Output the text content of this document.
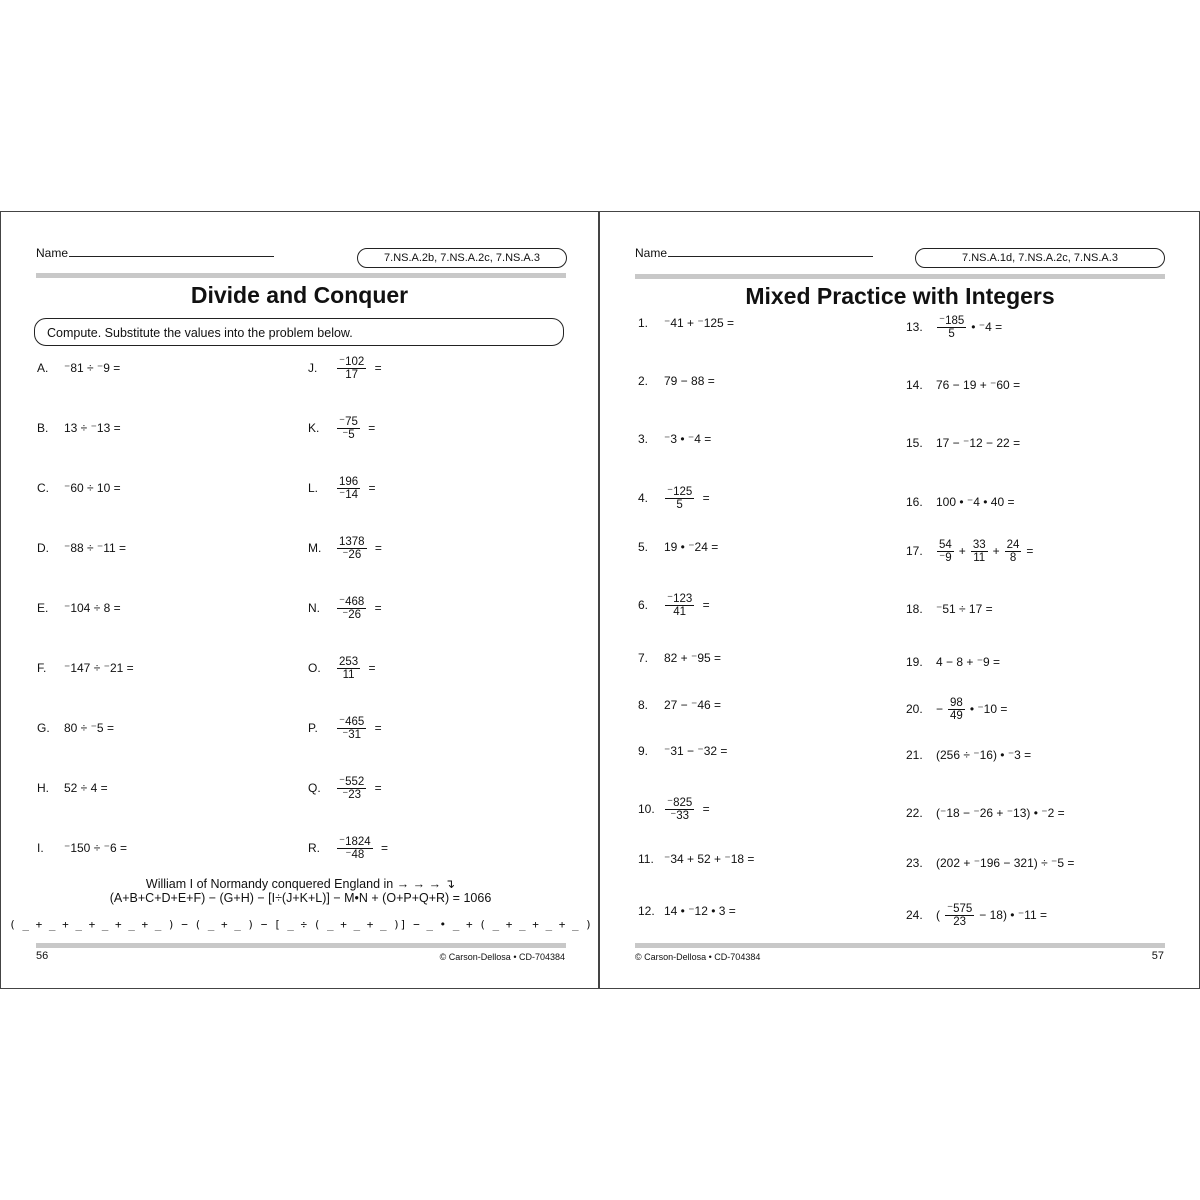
Name	7.NS.A.2b, 7.NS.A.2c, 7.NS.A.3
Divide and Conquer
Compute. Substitute the values into the problem below.
A. ⁻81 ÷ ⁻9 =
B. 13 ÷ ⁻13 =
C. ⁻60 ÷ 10 =
D. ⁻88 ÷ ⁻11 =
E. ⁻104 ÷ 8 =
F. ⁻147 ÷ ⁻21 =
G. 80 ÷ ⁻5 =
H. 52 ÷ 4 =
I. ⁻150 ÷ ⁻6 =
J. $\frac{^-102}{17}$ =
K. $\frac{^-75}{^-5}$ =
L. $\frac{196}{^-14}$ =
M. $\frac{1378}{^-26}$ =
N. $\frac{^-468}{^-26}$ =
O. $\frac{253}{11}$ =
P. $\frac{^-465}{^-31}$ =
Q. $\frac{^-552}{^-23}$ =
R. $\frac{^-1824}{^-48}$ =
William I of Normandy conquered England in → → → ↴
(A+B+C+D+E+F) − (G+H) − [I÷(J+K+L)] − M•N + (O+P+Q+R) = 1066
( _ + _ + _ + _ + _ + _ ) − ( _ + _ ) − [ _ ÷ ( _ + _ + _ )] − _ • _ + ( _ + _ + _ + _ )
56	© Carson-Dellosa • CD-704384
Name	7.NS.A.1d, 7.NS.A.2c, 7.NS.A.3
Mixed Practice with Integers
1. ⁻41 + ⁻125 =
2. 79 − 88 =
3. ⁻3 • ⁻4 =
4. $\frac{^-125}{5}$ =
5. 19 • ⁻24 =
6. $\frac{^-123}{41}$ =
7. 82 + ⁻95 =
8. 27 − ⁻46 =
9. ⁻31 − ⁻32 =
10. $\frac{^-825}{^-33}$ =
11. ⁻34 + 52 + ⁻18 =
12. 14 • ⁻12 • 3 =
13. $\frac{^-185}{5}$ • ⁻4 =
14. 76 − 19 + ⁻60 =
15. 17 − ⁻12 − 22 =
16. 100 • ⁻4 • 40 =
17. $\frac{54}{^-9} + \frac{33}{11} + \frac{24}{8}$ =
18. ⁻51 ÷ 17 =
19. 4 − 8 + ⁻9 =
20. − $\frac{98}{49}$ • ⁻10 =
21. (256 ÷ ⁻16) • ⁻3 =
22. (⁻18 − ⁻26 + ⁻13) • ⁻2 =
23. (202 + ⁻196 − 321) ÷ ⁻5 =
24. ( $\frac{^-575}{23} - 18$) • ⁻11 =
© Carson-Dellosa • CD-704384	57
